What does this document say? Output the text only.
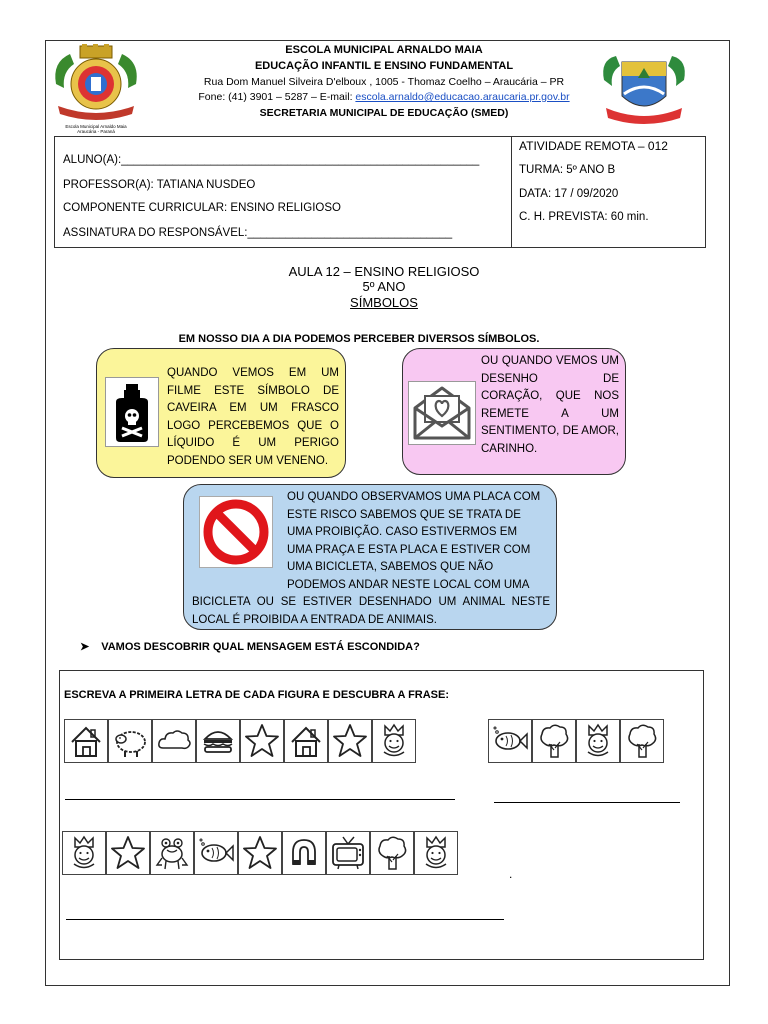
Escola Municipal Arnaldo Maia
Araucária - Paraná
ESCOLA MUNICIPAL ARNALDO MAIA
EDUCAÇÃO INFANTIL E ENSINO FUNDAMENTAL
Rua Dom Manuel Silveira D'elboux , 1005 - Thomaz Coelho – Araucária – PR
Fone: (41) 3901 – 5287 – E-mail: escola.arnaldo@educacao.araucaria.pr.gov.br
SECRETARIA MUNICIPAL DE EDUCAÇÃO (SMED)
ALUNO(A):________________________________________________________
PROFESSOR(A): TATIANA NUSDEO
COMPONENTE CURRICULAR: ENSINO RELIGIOSO
ASSINATURA DO RESPONSÁVEL:________________________________
ATIVIDADE REMOTA – 012
TURMA: 5º ANO B
DATA: 17 / 09/2020
C. H. PREVISTA: 60 min.
AULA 12 – ENSINO RELIGIOSO
5º ANO
SÍMBOLOS
EM NOSSO DIA A DIA PODEMOS PERCEBER DIVERSOS SÍMBOLOS.
QUANDO VEMOS EM UM FILME ESTE SÍMBOLO DE CAVEIRA EM UM FRASCO LOGO PERCEBEMOS QUE O LÍQUIDO É UM PERIGO PODENDO SER UM VENENO.
OU QUANDO VEMOS UM DESENHO DE CORAÇÃO, QUE NOS REMETE A UM SENTIMENTO, DE AMOR, CARINHO.
OU QUANDO OBSERVAMOS UMA PLACA COM
ESTE RISCO SABEMOS QUE SE TRATA DE
UMA PROIBIÇÃO. CASO ESTIVERMOS EM
UMA PRAÇA E ESTA PLACA E ESTIVER COM
UMA BICICLETA, SABEMOS QUE NÃO
PODEMOS ANDAR NESTE LOCAL COM UMA
BICICLETA OU SE ESTIVER DESENHADO UM ANIMAL NESTE LOCAL É PROIBIDA A ENTRADA DE ANIMAIS.
➤ VAMOS DESCOBRIR QUAL MENSAGEM ESTÁ ESCONDIDA?
ESCREVA A PRIMEIRA LETRA DE CADA FIGURA E DESCUBRA A FRASE:
.
